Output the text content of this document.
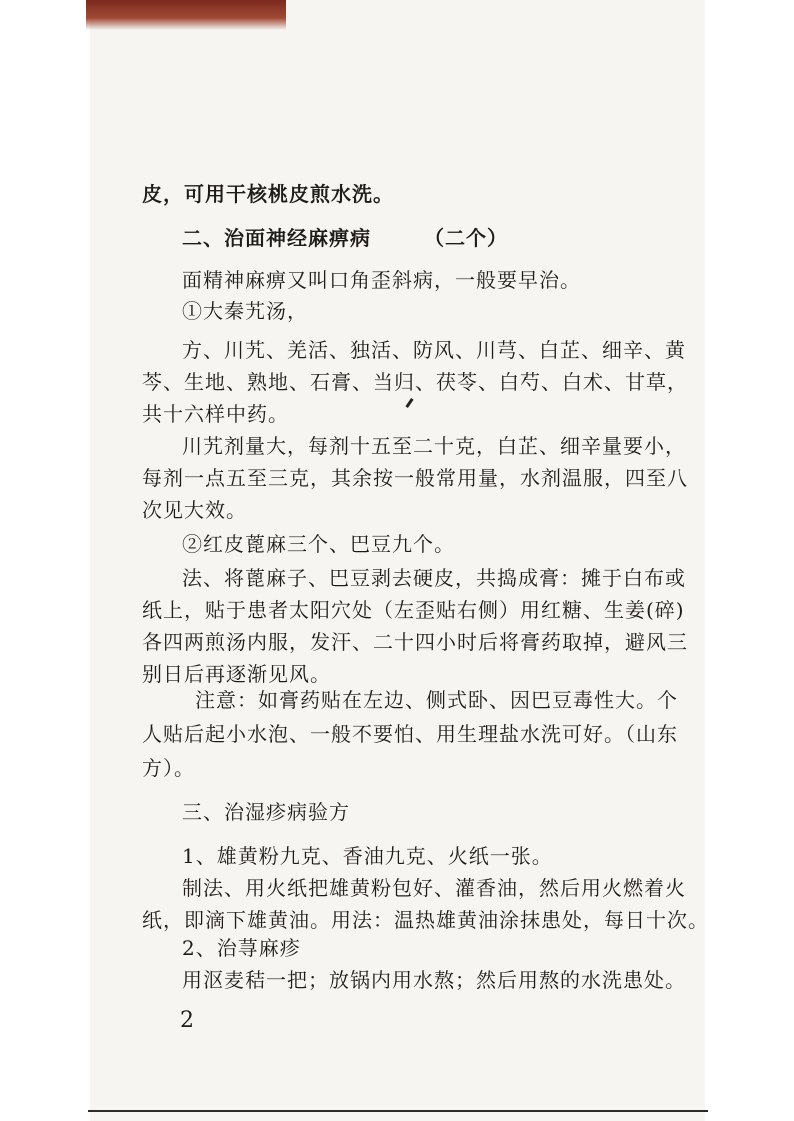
皮，可用干核桃皮煎水洗。
二、治面神经麻痹病　　　（二个）
面精神麻痹又叫口角歪斜病，一般要早治。
①大秦艽汤，
方、川艽、羌活、独活、防风、川芎、白芷、细辛、黄
芩、生地、熟地、石膏、当归、茯苓、白芍、白术、甘草，
共十六样中药。
川艽剂量大，每剂十五至二十克，白芷、细辛量要小，
每剂一点五至三克，其余按一般常用量，水剂温服，四至八
次见大效。
②红皮蓖麻三个、巴豆九个。
法、将蓖麻子、巴豆剥去硬皮，共捣成膏：摊于白布或
纸上，贴于患者太阳穴处（左歪贴右侧）用红糖、生姜(碎)
各四两煎汤内服，发汗、二十四小时后将膏药取掉，避风三
别日后再逐渐见风。
注意：如膏药贴在左边、侧式卧、因巴豆毒性大。个
人贴后起小水泡、一般不要怕、用生理盐水洗可好。（山东
方）。
三、治湿疹病验方
1、雄黄粉九克、香油九克、火纸一张。
制法、用火纸把雄黄粉包好、灌香油，然后用火燃着火
纸，即滴下雄黄油。用法：温热雄黄油涂抹患处，每日十次。
2、治荨麻疹
用沤麦秸一把；放锅内用水熬；然后用熬的水洗患处。
2
